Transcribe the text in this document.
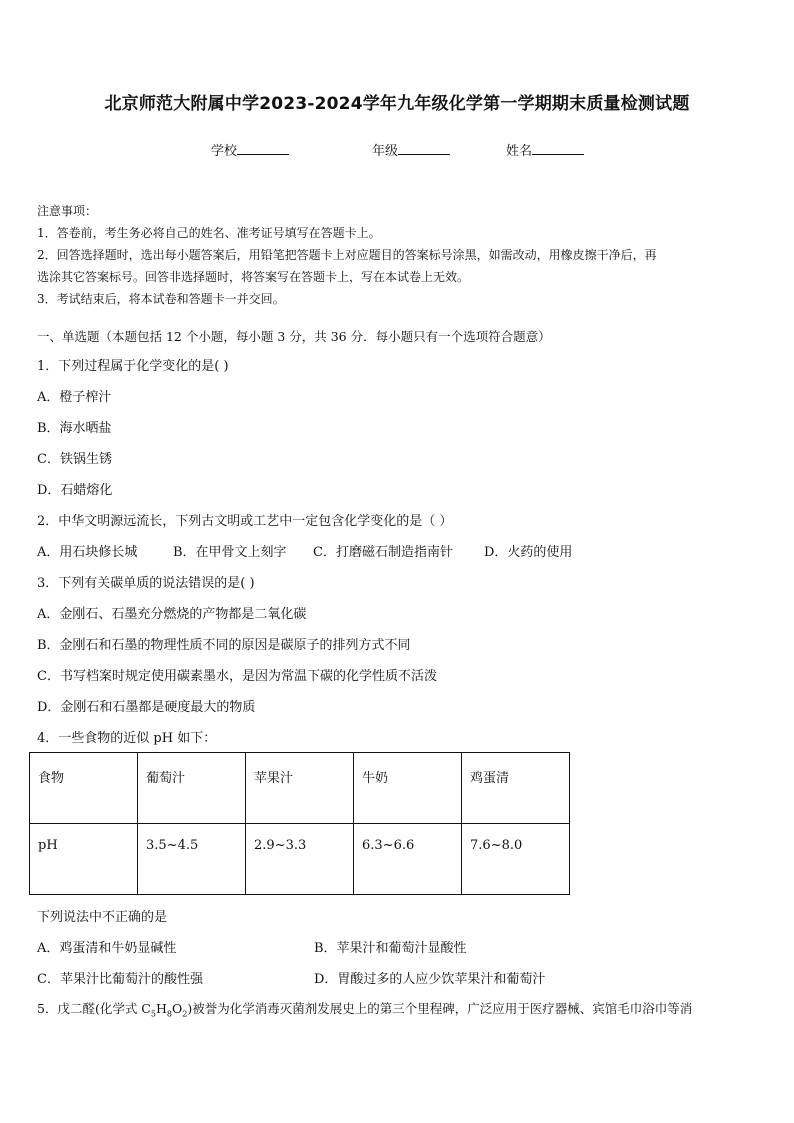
北京师范大附属中学2023-2024学年九年级化学第一学期期末质量检测试题
学校	年级	姓名
注意事项：
1．答卷前，考生务必将自己的姓名、准考证号填写在答题卡上。
2．回答选择题时，选出每小题答案后，用铅笔把答题卡上对应题目的答案标号涂黑，如需改动，用橡皮擦干净后，再
选涂其它答案标号。回答非选择题时，将答案写在答题卡上，写在本试卷上无效。
3．考试结束后，将本试卷和答题卡一并交回。
一、单选题（本题包括 12 个小题，每小题 3 分，共 36 分．每小题只有一个选项符合题意）
1．下列过程属于化学变化的是( )
A．橙子榨汁
B．海水晒盐
C．铁锅生锈
D．石蜡熔化
2．中华文明源远流长，下列古文明或工艺中一定包含化学变化的是（ ）
A．用石块修长城	B．在甲骨文上刻字 C．打磨磁石制造指南针 D．火药的使用
3．下列有关碳单质的说法错误的是( )
A．金刚石、石墨充分燃烧的产物都是二氧化碳
B．金刚石和石墨的物理性质不同的原因是碳原子的排列方式不同
C．书写档案时规定使用碳素墨水，是因为常温下碳的化学性质不活泼
D．金刚石和石墨都是硬度最大的物质
4．一些食物的近似 pH 如下：
食物	葡萄汁	苹果汁	牛奶	鸡蛋清
pH	3.5~4.5	2.9~3.3	6.3~6.6	7.6~8.0
下列说法中不正确的是
A．鸡蛋清和牛奶显碱性	B．苹果汁和葡萄汁显酸性
C．苹果汁比葡萄汁的酸性强	D．胃酸过多的人应少饮苹果汁和葡萄汁
5．戊二醛(化学式 $C_5H_8O_2$)被誉为化学消毒灭菌剂发展史上的第三个里程碑，广泛应用于医疗器械、宾馆毛巾浴巾等消
